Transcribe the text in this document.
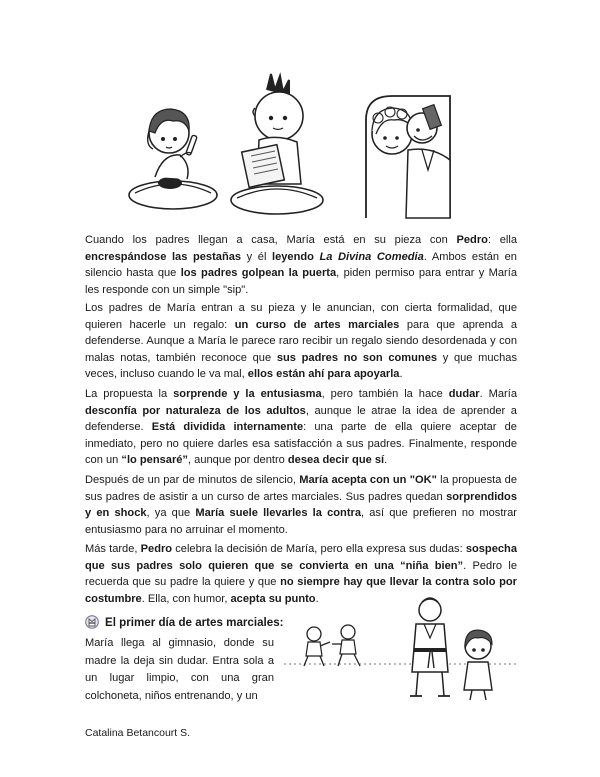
Cuando los padres llegan a casa, María está en su pieza con Pedro: ella encrespándose las pestañas y él leyendo La Divina Comedia. Ambos están en silencio hasta que los padres golpean la puerta, piden permiso para entrar y María les responde con un simple "sip".

Los padres de María entran a su pieza y le anuncian, con cierta formalidad, que quieren hacerle un regalo: un curso de artes marciales para que aprenda a defenderse. Aunque a María le parece raro recibir un regalo siendo desordenada y con malas notas, también reconoce que sus padres no son comunes y que muchas veces, incluso cuando le va mal, ellos están ahí para apoyarla.

La propuesta la sorprende y la entusiasma, pero también la hace dudar. María desconfía por naturaleza de los adultos, aunque le atrae la idea de aprender a defenderse. Está dividida internamente: una parte de ella quiere aceptar de inmediato, pero no quiere darles esa satisfacción a sus padres. Finalmente, responde con un “lo pensaré”, aunque por dentro desea decir que sí.

Después de un par de minutos de silencio, María acepta con un "OK" la propuesta de sus padres de asistir a un curso de artes marciales. Sus padres quedan sorprendidos y en shock, ya que María suele llevarles la contra, así que prefieren no mostrar entusiasmo para no arruinar el momento.

Más tarde, Pedro celebra la decisión de María, pero ella expresa sus dudas: sospecha que sus padres solo quieren que se convierta en una “niña bien”. Pedro le recuerda que su padre la quiere y que no siempre hay que llevar la contra solo por costumbre. Ella, con humor, acepta su punto.

El primer día de artes marciales:

María llega al gimnasio, donde su madre la deja sin dudar. Entra sola a un lugar limpio, con una gran colchoneta, niños entrenando, y un

Catalina Betancourt S.
